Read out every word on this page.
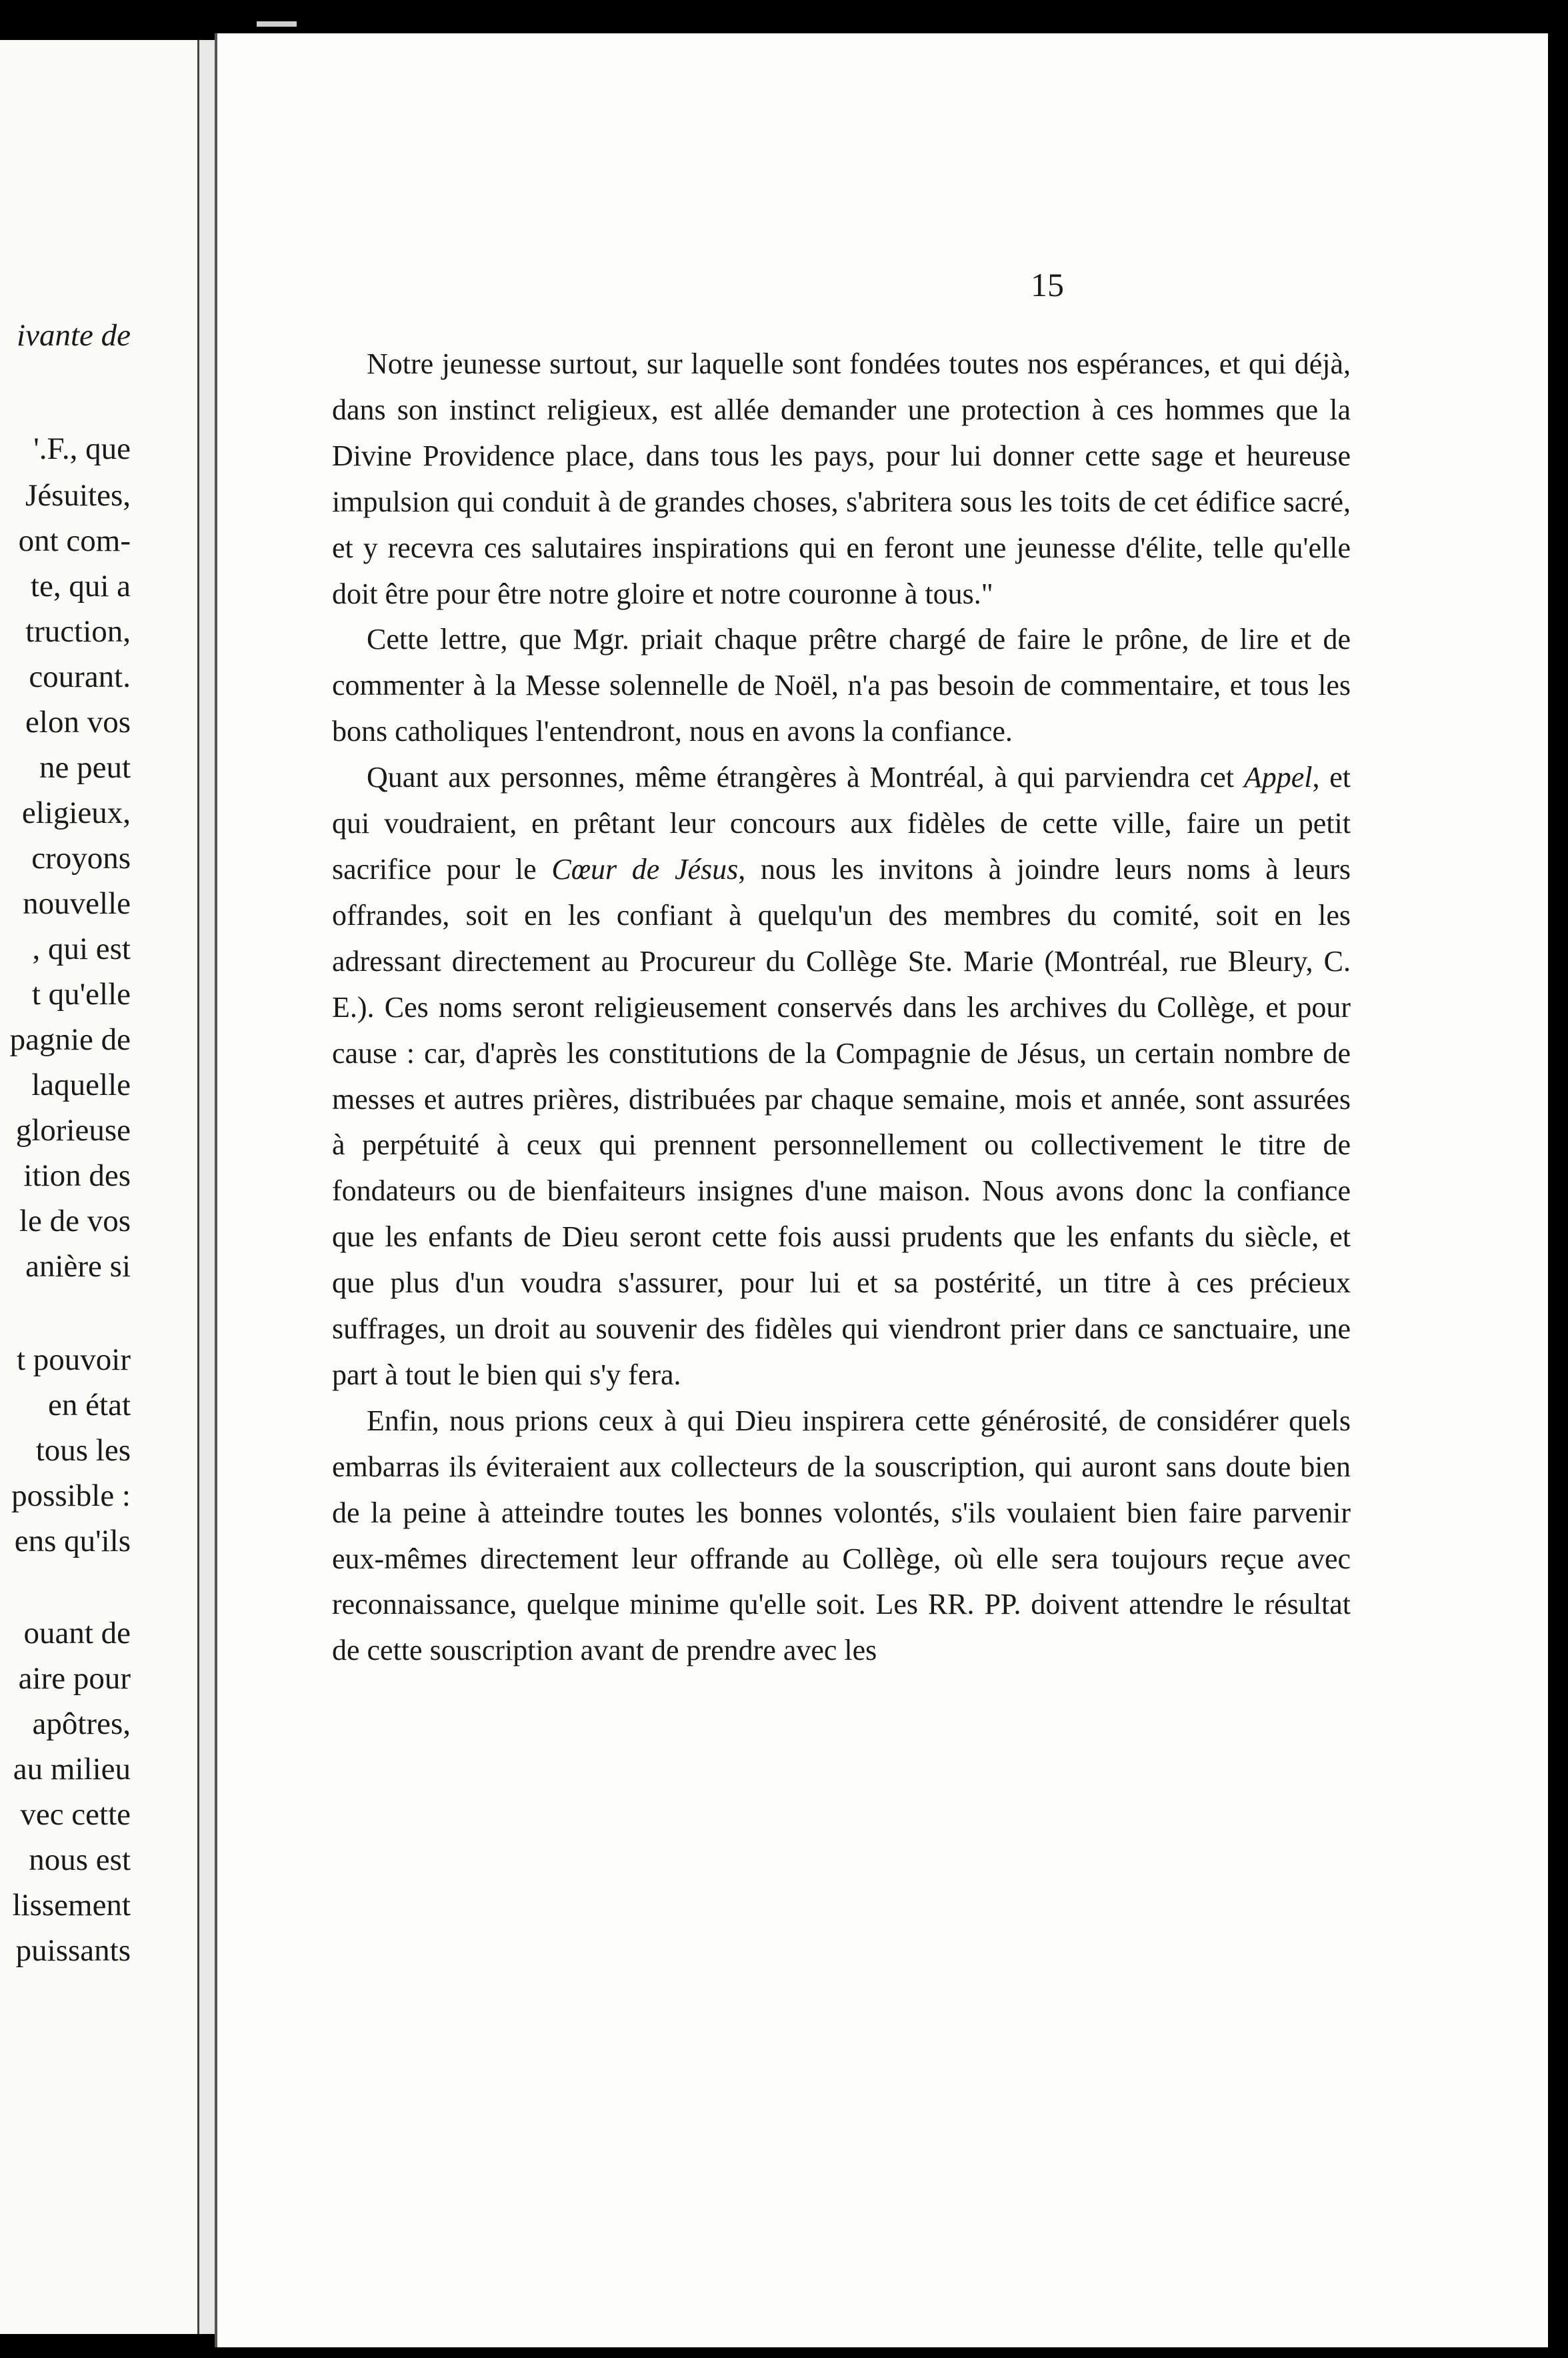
ivante de
'.F., que
Jésuites,
ont com-
te, qui a
truction,
courant.
elon vos
ne peut
eligieux,
croyons
nouvelle
, qui est
t qu'elle
pagnie de
laquelle
glorieuse
ition des
le de vos
anière si
t pouvoir
en état
tous les
possible :
ens qu'ils
ouant de
aire pour
apôtres,
au milieu
vec cette
nous est
lissement
puissants
15

Notre jeunesse surtout, sur laquelle sont fondées toutes nos espérances, et qui déjà, dans son instinct religieux, est allée demander une protection à ces hommes que la Divine Providence place, dans tous les pays, pour lui donner cette sage et heureuse impulsion qui conduit à de grandes choses, s'abritera sous les toits de cet édifice sacré, et y recevra ces salutaires inspirations qui en feront une jeunesse d'élite, telle qu'elle doit être pour être notre gloire et notre couronne à tous."

Cette lettre, que Mgr. priait chaque prêtre chargé de faire le prône, de lire et de commenter à la Messe solennelle de Noël, n'a pas besoin de commentaire, et tous les bons catholiques l'entendront, nous en avons la confiance.

Quant aux personnes, même étrangères à Montréal, à qui parviendra cet Appel, et qui voudraient, en prêtant leur concours aux fidèles de cette ville, faire un petit sacrifice pour le Cœur de Jésus, nous les invitons à joindre leurs noms à leurs offrandes, soit en les confiant à quelqu'un des membres du comité, soit en les adressant directement au Procureur du Collège Ste. Marie (Montréal, rue Bleury, C. E.). Ces noms seront religieusement conservés dans les archives du Collège, et pour cause : car, d'après les constitutions de la Compagnie de Jésus, un certain nombre de messes et autres prières, distribuées par chaque semaine, mois et année, sont assurées à perpétuité à ceux qui prennent personnellement ou collectivement le titre de fondateurs ou de bienfaiteurs insignes d'une maison. Nous avons donc la confiance que les enfants de Dieu seront cette fois aussi prudents que les enfants du siècle, et que plus d'un voudra s'assurer, pour lui et sa postérité, un titre à ces précieux suffrages, un droit au souvenir des fidèles qui viendront prier dans ce sanctuaire, une part à tout le bien qui s'y fera.

Enfin, nous prions ceux à qui Dieu inspirera cette générosité, de considérer quels embarras ils éviteraient aux collecteurs de la souscription, qui auront sans doute bien de la peine à atteindre toutes les bonnes volontés, s'ils voulaient bien faire parvenir eux-mêmes directement leur offrande au Collège, où elle sera toujours reçue avec reconnaissance, quelque minime qu'elle soit. Les RR. PP. doivent attendre le résultat de cette souscription avant de prendre avec les
